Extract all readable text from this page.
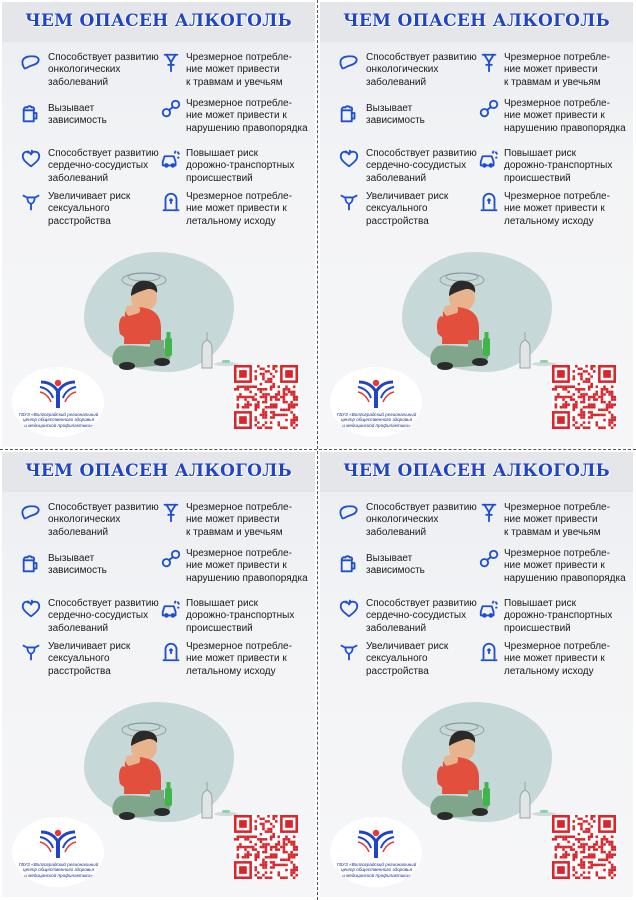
ЧЕМ ОПАСЕН АЛКОГОЛЬ
Способствует развитию
онкологических
заболеваний
Вызывает
зависимость
Способствует развитию
сердечно-сосудистых
заболеваний
Увеличивает риск
сексуального
расстройства
Чрезмерное потребле-
ние может привести
к травмам и увечьям
Чрезмерное потребле-
ние может привести к
нарушению правопорядка
Повышает риск
дорожно-транспортных
происшествий
Чрезмерное потребле-
ние может привести к
летальному исходу
ГБУЗ «Волгоградский региональный
центр общественного здоровья
и медицинской профилактики»
ЧЕМ ОПАСЕН АЛКОГОЛЬ
Способствует развитию
онкологических
заболеваний
Вызывает
зависимость
Способствует развитию
сердечно-сосудистых
заболеваний
Увеличивает риск
сексуального
расстройства
Чрезмерное потребле-
ние может привести
к травмам и увечьям
Чрезмерное потребле-
ние может привести к
нарушению правопорядка
Повышает риск
дорожно-транспортных
происшествий
Чрезмерное потребле-
ние может привести к
летальному исходу
ГБУЗ «Волгоградский региональный
центр общественного здоровья
и медицинской профилактики»
ЧЕМ ОПАСЕН АЛКОГОЛЬ
Способствует развитию
онкологических
заболеваний
Вызывает
зависимость
Способствует развитию
сердечно-сосудистых
заболеваний
Увеличивает риск
сексуального
расстройства
Чрезмерное потребле-
ние может привести
к травмам и увечьям
Чрезмерное потребле-
ние может привести к
нарушению правопорядка
Повышает риск
дорожно-транспортных
происшествий
Чрезмерное потребле-
ние может привести к
летальному исходу
ГБУЗ «Волгоградский региональный
центр общественного здоровья
и медицинской профилактики»
ЧЕМ ОПАСЕН АЛКОГОЛЬ
Способствует развитию
онкологических
заболеваний
Вызывает
зависимость
Способствует развитию
сердечно-сосудистых
заболеваний
Увеличивает риск
сексуального
расстройства
Чрезмерное потребле-
ние может привести
к травмам и увечьям
Чрезмерное потребле-
ние может привести к
нарушению правопорядка
Повышает риск
дорожно-транспортных
происшествий
Чрезмерное потребле-
ние может привести к
летальному исходу
ГБУЗ «Волгоградский региональный
центр общественного здоровья
и медицинской профилактики»
